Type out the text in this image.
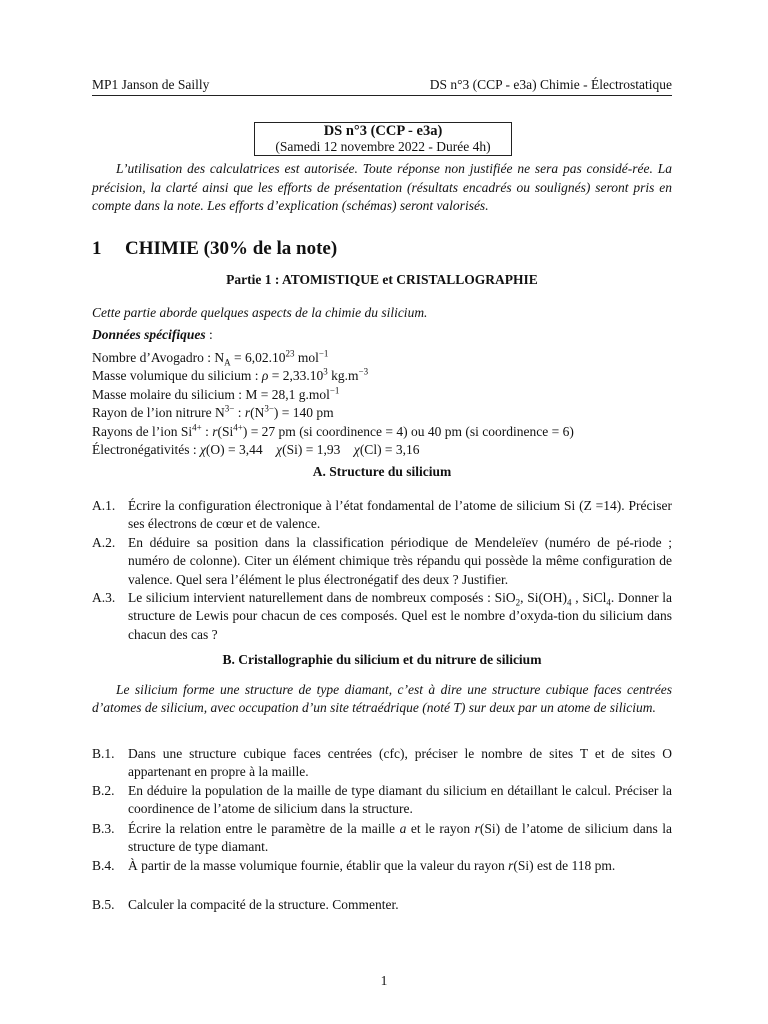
MP1 Janson de Sailly	DS n°3 (CCP - e3a) Chimie - Électrostatique
DS n°3 (CCP - e3a)
(Samedi 12 novembre 2022 - Durée 4h)
L’utilisation des calculatrices est autorisée. Toute réponse non justifiée ne sera pas considé-rée. La précision, la clarté ainsi que les efforts de présentation (résultats encadrés ou soulignés) seront pris en compte dans la note. Les efforts d’explication (schémas) seront valorisés.
1 CHIMIE (30% de la note)
Partie 1 : ATOMISTIQUE et CRISTALLOGRAPHIE
Cette partie aborde quelques aspects de la chimie du silicium.
Données spécifiques :
Nombre d’Avogadro : $N_A = 6,02.10^{23}$ mol$^{-1}$
Masse volumique du silicium : $\rho = 2,33.10^3$ $kg.m^{-3}$
Masse molaire du silicium : M = 28,1 g.mol$^{-1}$
Rayon de l’ion nitrure $N^{3-}$ : $r(N^{3-}) = 140$ pm
Rayons de l’ion $Si^{4+}$ : $r(Si^{4+}) = 27$ pm (si coordinence = 4) ou 40 pm (si coordinence = 6)
Électronégativités : χ(O) = 3,44    χ(Si) = 1,93    χ(Cl) = 3,16
A. Structure du silicium
A.1. Écrire la configuration électronique à l’état fondamental de l’atome de silicium Si (Z =14). Préciser ses électrons de cœur et de valence.
A.2. En déduire sa position dans la classification périodique de Mendeleïev (numéro de pé-riode ; numéro de colonne). Citer un élément chimique très répandu qui possède la même configuration de valence. Quel sera l’élément le plus électronégatif des deux ? Justifier.
A.3. Le silicium intervient naturellement dans de nombreux composés : SiO$_2$, $Si(OH)_4$ , SiCl$_4$. Donner la structure de Lewis pour chacun de ces composés. Quel est le nombre d’oxyda-tion du silicium dans chacun des cas ?
B. Cristallographie du silicium et du nitrure de silicium
Le silicium forme une structure de type diamant, c’est à dire une structure cubique faces centrées d’atomes de silicium, avec occupation d’un site tétraédrique (noté T) sur deux par un atome de silicium.
B.1. Dans une structure cubique faces centrées (cfc), préciser le nombre de sites T et de sites O appartenant en propre à la maille.
B.2. En déduire la population de la maille de type diamant du silicium en détaillant le calcul. Préciser la coordinence de l’atome de silicium dans la structure.
B.3. Écrire la relation entre le paramètre de la maille a et le rayon r(Si) de l’atome de silicium dans la structure de type diamant.
B.4. À partir de la masse volumique fournie, établir que la valeur du rayon r(Si) est de 118 pm.
B.5. Calculer la compacité de la structure. Commenter.
1
